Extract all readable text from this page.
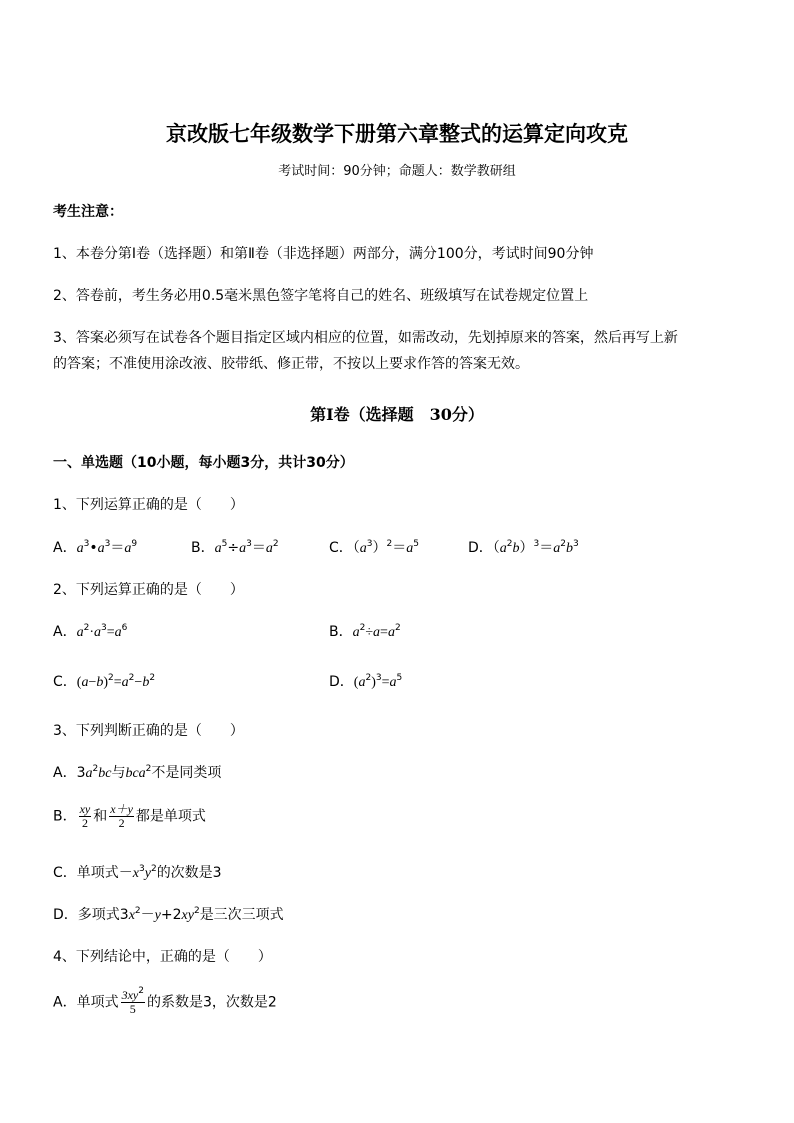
京改版七年级数学下册第六章整式的运算定向攻克
考试时间：90分钟；命题人：数学教研组
考生注意：
1、本卷分第Ⅰ卷（选择题）和第Ⅱ卷（非选择题）两部分，满分100分，考试时间90分钟
2、答卷前，考生务必用0.5毫米黑色签字笔将自己的姓名、班级填写在试卷规定位置上
3、答案必须写在试卷各个题目指定区域内相应的位置，如需改动，先划掉原来的答案，然后再写上新
的答案；不准使用涂改液、胶带纸、修正带，不按以上要求作答的答案无效。
第Ⅰ卷（选择题　30分）
一、单选题（10小题，每小题3分，共计30分）
1、下列运算正确的是（　　）
A．$a^3•a^3=a^9$	B．$a^5\div a^3=a^2$	C．$(a^3)^2=a^5$	D．$(a^2b)^3=a^2b^3$
2、下列运算正确的是（　　）
A．$a^2\cdot a^3=a^6$	B．$a^2\div a=a^2$
C．$(a-b)^2=a^2-b^2$	D．$(a^2)^3=a^5$
3、下列判断正确的是（　　）
A．$3a^2bc$与bca$^2$不是同类项
B． $\frac{xy}{2}$ 和 $\frac{x+y}{2}$ 都是单项式
C．单项式$-x^3y^2$的次数是3
D．多项式$3x^2-y+2xy^2$是三次三项式
4、下列结论中，正确的是（　　）
A．单项式 $\frac{3xy^2}{5}$ 的系数是3，次数是2
